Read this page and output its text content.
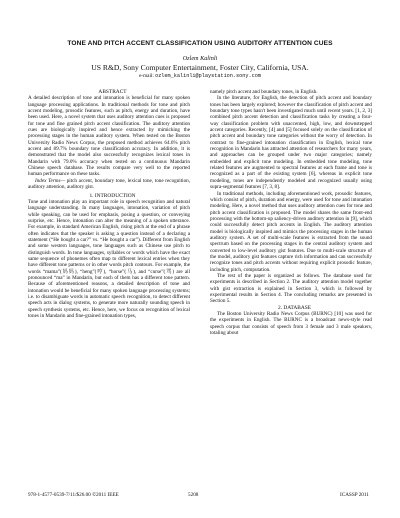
TONE AND PITCH ACCENT CLASSIFICATION USING AUDITORY ATTENTION CUES
Ozlem Kalinli
US R&D, Sony Computer Entertainment, Foster City, California, USA.
e-mail: ozlem_kalinli@playstation.sony.com

ABSTRACT

A detailed description of tone and intonation is beneficial for many spoken language processing applications. In traditional methods for tone and pitch accent modeling, prosodic features, such as pitch, energy and duration, have been used. Here, a novel system that uses auditory attention cues is proposed for tone and fine grained pitch accent classification. The auditory attention cues are biologically inspired and hence extracted by mimicking the processing stages in the human auditory system. When tested on the Boston University Radio News Corpus, the proposed method achieves 64.6% pitch accent and 89.7% boundary tone classification accuracy. In addition, it is demonstrated that the model also successfully recognizes lexical tones in Mandarin with 79.0% accuracy when tested on a continuous Mandarin Chinese speech database. The results compare very well to the reported human performance on these tasks.

Index Terms— pitch accent, boundary tone, lexical tone, tone recognition, auditory attention, auditory gist.

1. INTRODUCTION

Tone and intonation play an important role in speech recognition and natural language understanding. In many languages, intonation, variation of pitch while speaking, can be used for emphasis, posing a question, or conveying surprise, etc. Hence, intonation can alter the meaning of a spoken utterance. For example, in standard American English, rising pitch at the end of a phrase often indicates that the speaker is asking a question instead of a declaring a statement (“He bought a car?” vs. “He bought a car”). Different from English and some western languages, tone languages such as Chinese use pitch to distinguish words. In tone languages, syllables or words which have the exact same sequence of phonemes often map to different lexical entries when they have different tone patterns or in other words pitch contours. For example, the words “mama”(妈妈), “heng”(哼), “horse”(马), and “curse”(骂) are all pronounced “ma” in Mandarin, but each of them has a different tone pattern. Because of aforementioned reasons, a detailed description of tone and intonation would be beneficial for many spoken language processing systems; i.e. to disambiguate words in automatic speech recognition, to detect different speech acts in dialog systems, to generate more naturally sounding speech in speech synthesis systems, etc. Hence, here, we focus on recognition of lexical tones in Mandarin and fine-grained intonation types,

namely pitch accent and boundary tones, in English.

In the literature, for English, the detection of pitch accent and boundary tones has been largely explored; however the classification of pitch accent and boundary tone types hasn't been investigated much until recent years. [1, 2, 3] combined pitch accent detection and classification tasks by creating a four-way classification problem with unaccented, high, low, and downstepped accent categories. Recently, [4] and [5] focused solely on the classification of pitch accent and boundary tone categories without the worry of detection. In contrast to fine-grained intonation classification in English, lexical tone recognition in Mandarin has attracted attention of researchers for many years, and approaches can be grouped under two major categories; namely embedded and explicit tone modeling. In embedded tone modeling, tone related features are augmented to spectral features at each frame and tone is recognized as a part of the existing system [6], whereas in explicit tone modeling, tones are independently modeled and recognized usually using supra-segmental features [7, 3, 8].

In traditional methods, including aforementioned work, prosodic features, which consist of pitch, duration and energy, were used for tone and intonation modeling. Here, a novel method that uses auditory attention cues for tone and pitch accent classification is proposed. The model shares the same front-end processing with the bottom-up saliency-driven auditory attention in [9], which could successfully detect pitch accents in English. The auditory attention model is biologically inspired and mimics the processing stages in the human auditory system. A set of multi-scale features is extracted from the sound spectrum based on the processing stages in the central auditory system and converted to low-level auditory gist features. Due to multi-scale structure of the model, auditory gist features capture rich information and can successfully recognize tones and pitch accents without requiring explicit prosodic feature, including pitch, computation.

The rest of the paper is organized as follows. The database used for experiments is described in Section 2. The auditory attention model together with gist extraction is explained in Section 3, which is followed by experimental results in Section 4. The concluding remarks are presented in Section 5.

2. DATABASE

The Boston University Radio News Corpus (BURNC) [10] was used for the experiments in English. The BURNC is a broadcast news-style read speech corpus that consists of speech from 3 female and 3 male speakers, totaling about

978-1-4577-0539-7/11/$26.00 ©2011 IEEE	5208	ICASSP 2011
